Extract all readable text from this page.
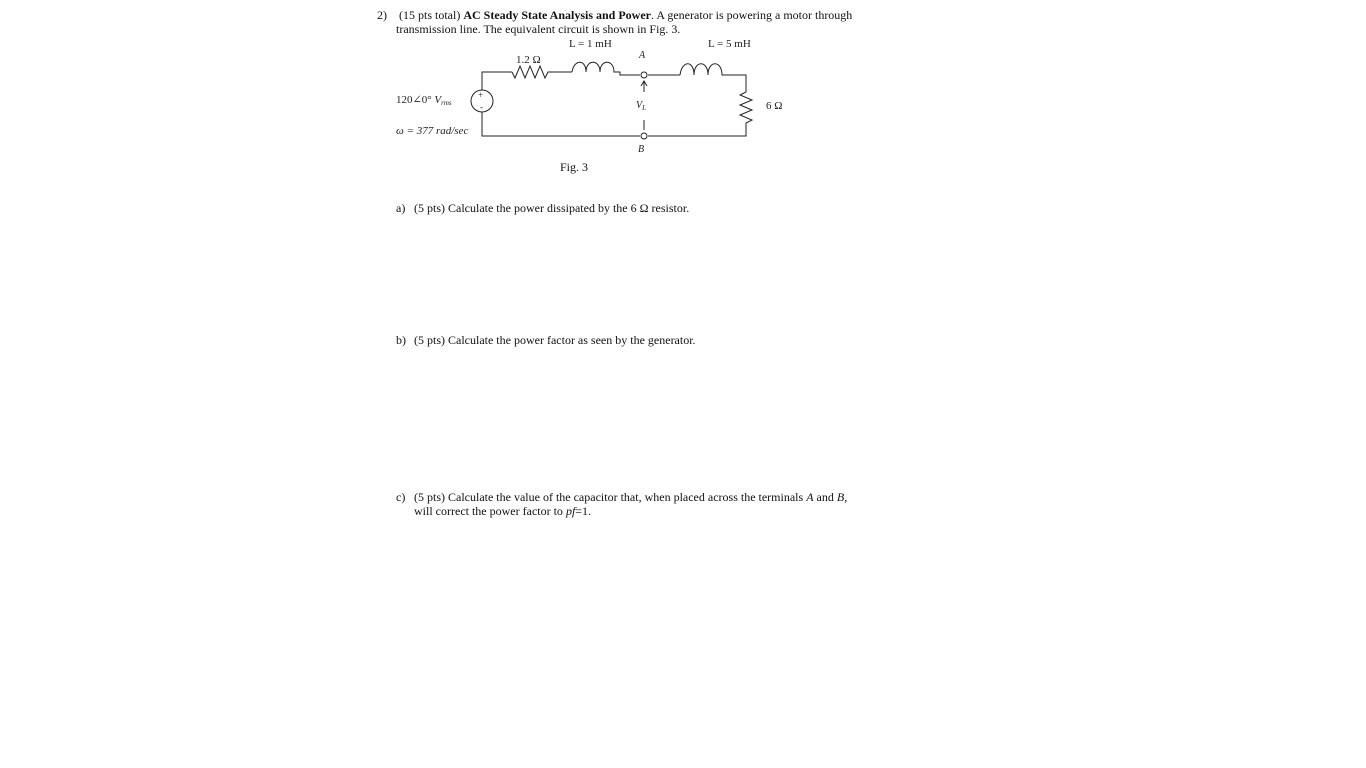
2) (15 pts total) AC Steady State Analysis and Power. A generator is powering a motor through
transmission line. The equivalent circuit is shown in Fig. 3.
+
-
1.2 Ω
L = 1 mH	L = 5 mH
6 Ω
A
B
$V_L$
120∠0° Vrms
ω = 377 rad/sec
Fig. 3
a) (5 pts) Calculate the power dissipated by the 6 Ω resistor.
b) (5 pts) Calculate the power factor as seen by the generator.
c) (5 pts) Calculate the value of the capacitor that, when placed across the terminals A and B,
will correct the power factor to pf=1.
